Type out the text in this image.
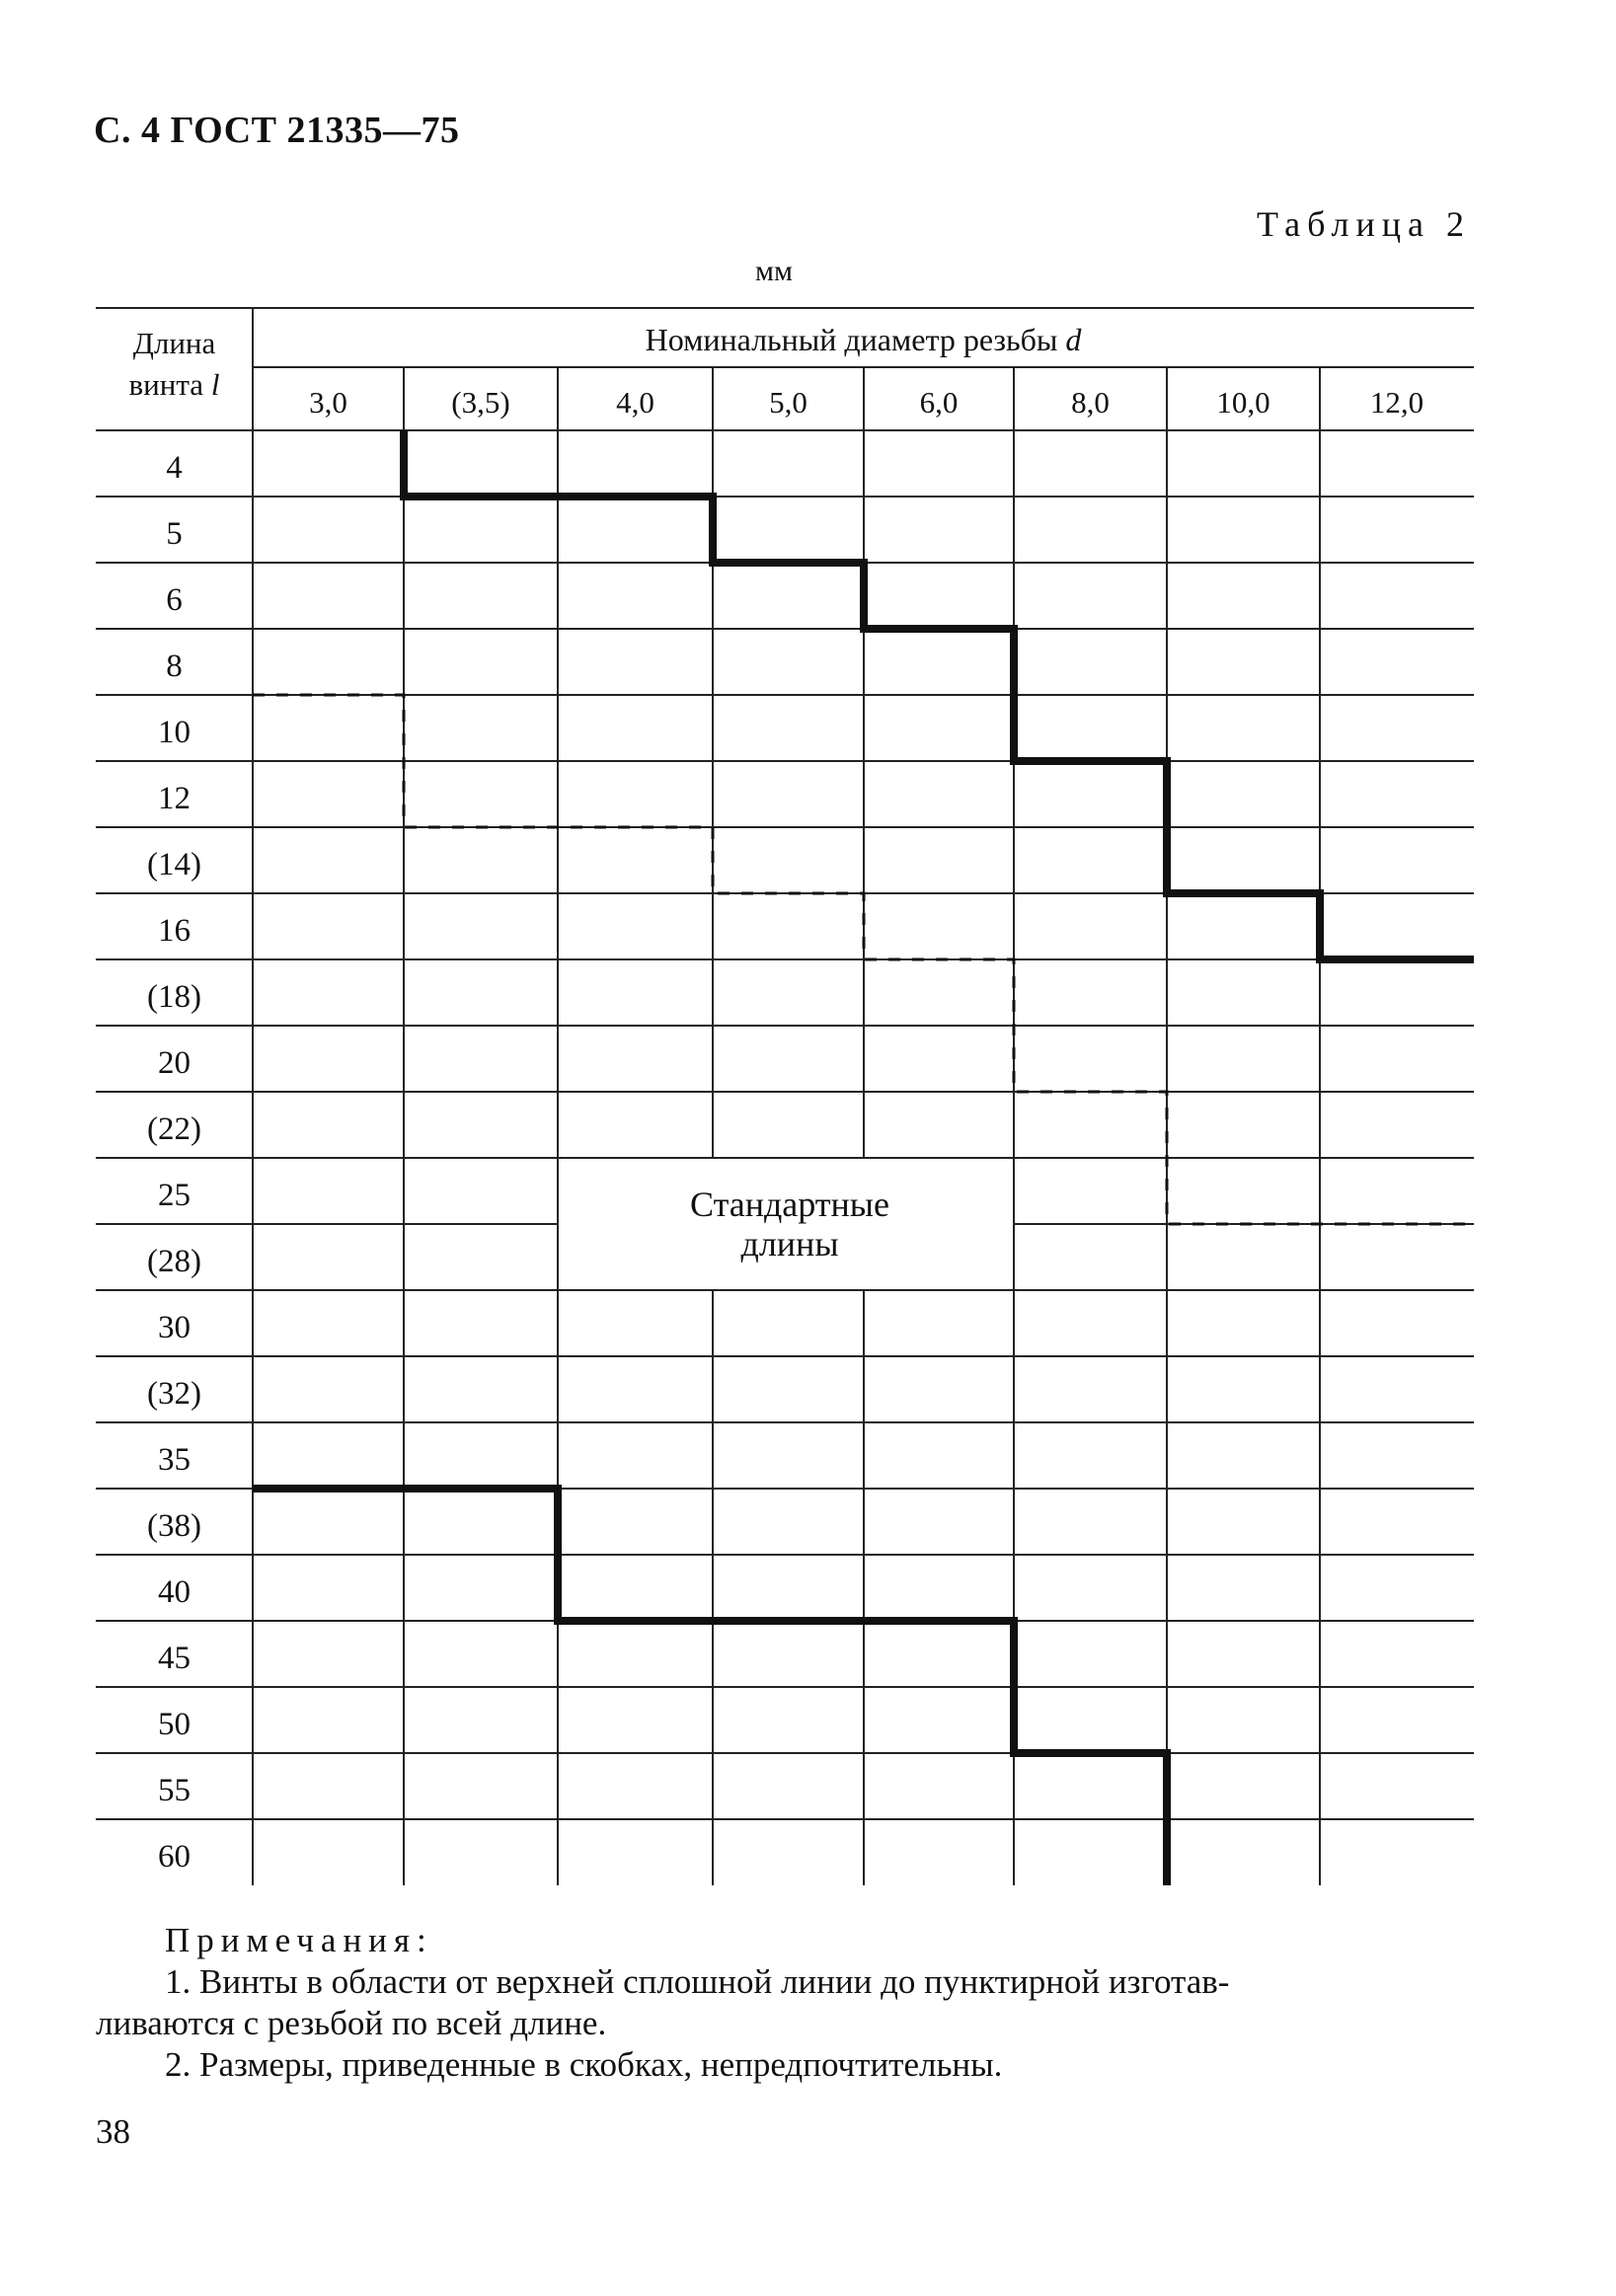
С. 4 ГОСТ 21335—75
Таблица 2
мм
Длина
винта l
Номинальный диаметр резьбы d
3,0	(3,5)	4,0	5,0	6,0	8,0	10,0	12,0
4
5
6
8
10
12
(14)
16
(18)
20
(22)
25
(28)
30
(32)
35
(38)
40
45
50
55
60
Стандартные
длины
Примечания:
1. Винты в области от верхней сплошной линии до пунктирной изготав-
ливаются с резьбой по всей длине.
2. Размеры, приведенные в скобках, непредпочтительны.
38
